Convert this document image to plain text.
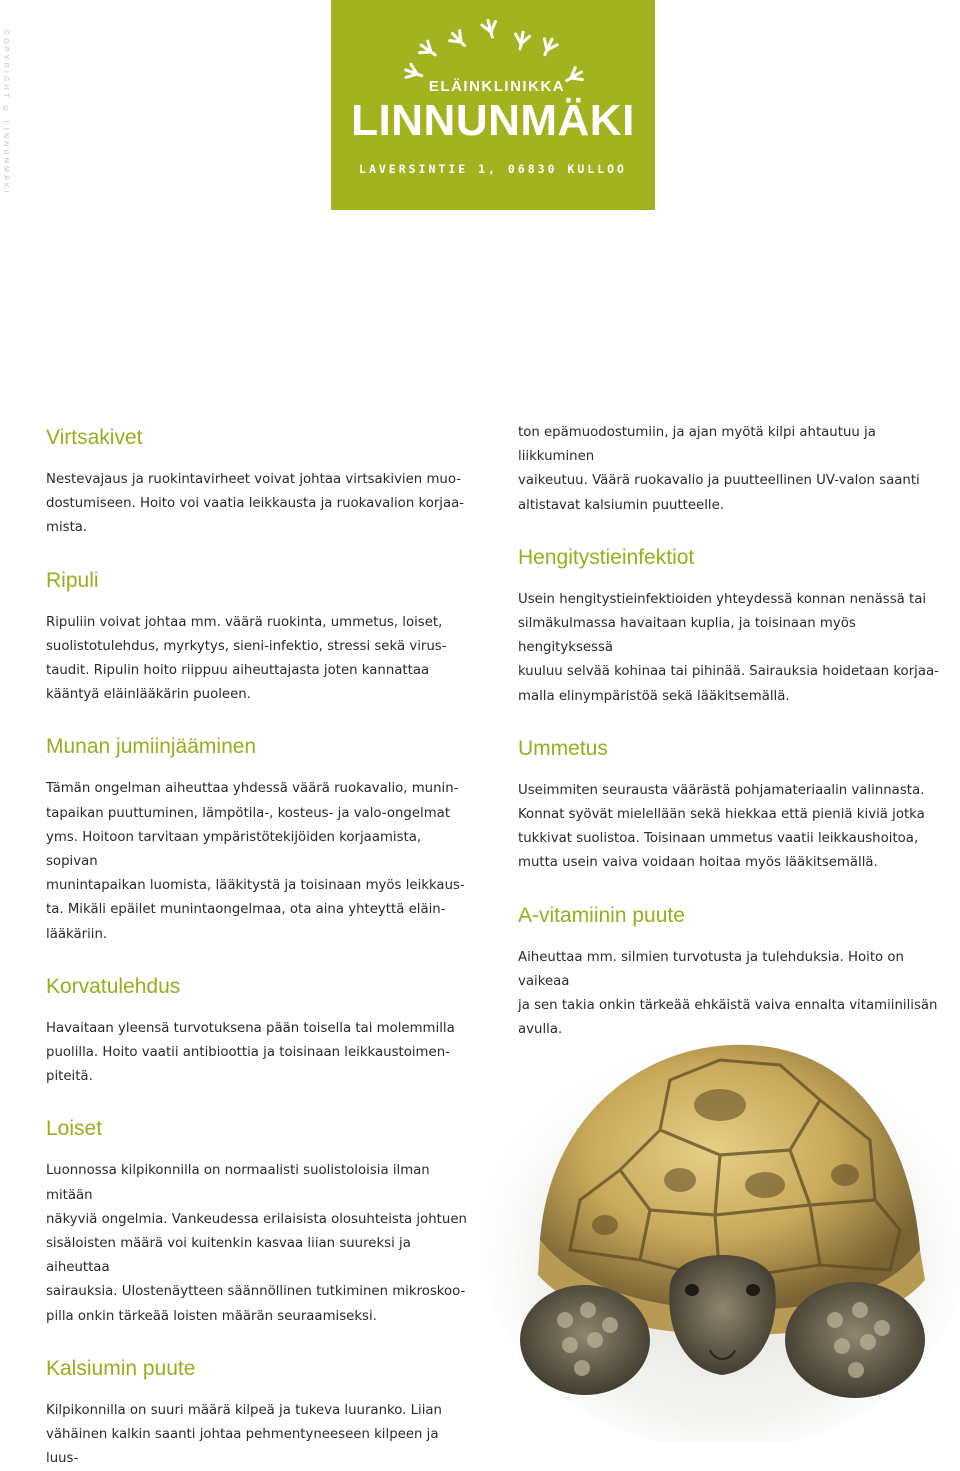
COPYRIGHT © LINNUNMÄKI	ELÄINKLINIKKA
LINNUNMÄKI
LAVERSINTIE 1, 06830 KULLOO
Virtsakivet

Nestevajaus ja ruokintavirheet voivat johtaa virtsakivien muo-
dostumiseen. Hoito voi vaatia leikkausta ja ruokavalion korjaa-
mista.

Ripuli

Ripuliin voivat johtaa mm. väärä ruokinta, ummetus, loiset,
suolistotulehdus, myrkytys, sieni-infektio, stressi sekä virus-
taudit. Ripulin hoito riippuu aiheuttajasta joten kannattaa
kääntyä eläinlääkärin puoleen.

Munan jumiinjääminen

Tämän ongelman aiheuttaa yhdessä väärä ruokavalio, munin-
tapaikan puuttuminen, lämpötila-, kosteus- ja valo-ongelmat
yms. Hoitoon tarvitaan ympäristötekijöiden korjaamista, sopivan
munintapaikan luomista, lääkitystä ja toisinaan myös leikkaus-
ta. Mikäli epäilet munintaongelmaa, ota aina yhteyttä eläin-
lääkäriin.

Korvatulehdus

Havaitaan yleensä turvotuksena pään toisella tai molemmilla
puolilla. Hoito vaatii antibioottia ja toisinaan leikkaustoimen-
piteitä.

Loiset

Luonnossa kilpikonnilla on normaalisti suolistoloisia ilman mitään
näkyviä ongelmia. Vankeudessa erilaisista olosuhteista johtuen
sisäloisten määrä voi kuitenkin kasvaa liian suureksi ja aiheuttaa
sairauksia. Ulostenäytteen säännöllinen tutkiminen mikroskoo-
pilla onkin tärkeää loisten määrän seuraamiseksi.

Kalsiumin puute

Kilpikonnilla on suuri määrä kilpeä ja tukeva luuranko. Liian
vähäinen kalkin saanti johtaa pehmentyneeseen kilpeen ja luus-

ton epämuodostumiin, ja ajan myötä kilpi ahtautuu ja liikkuminen
vaikeutuu. Väärä ruokavalio ja puutteellinen UV-valon saanti
altistavat kalsiumin puutteelle.

Hengitystieinfektiot

Usein hengitystieinfektioiden yhteydessä konnan nenässä tai
silmäkulmassa havaitaan kuplia, ja toisinaan myös hengityksessä
kuuluu selvää kohinaa tai pihinää. Sairauksia hoidetaan korjaa-
malla elinympäristöä sekä lääkitsemällä.

Ummetus

Useimmiten seurausta väärästä pohjamateriaalin valinnasta.
Konnat syövät mielellään sekä hiekkaa että pieniä kiviä jotka
tukkivat suolistoa. Toisinaan ummetus vaatii leikkaushoitoa,
mutta usein vaiva voidaan hoitaa myös lääkitsemällä.

A-vitamiinin puute

Aiheuttaa mm. silmien turvotusta ja tulehduksia. Hoito on vaikeaa
ja sen takia onkin tärkeää ehkäistä vaiva ennalta vitamiinilisän
avulla.
